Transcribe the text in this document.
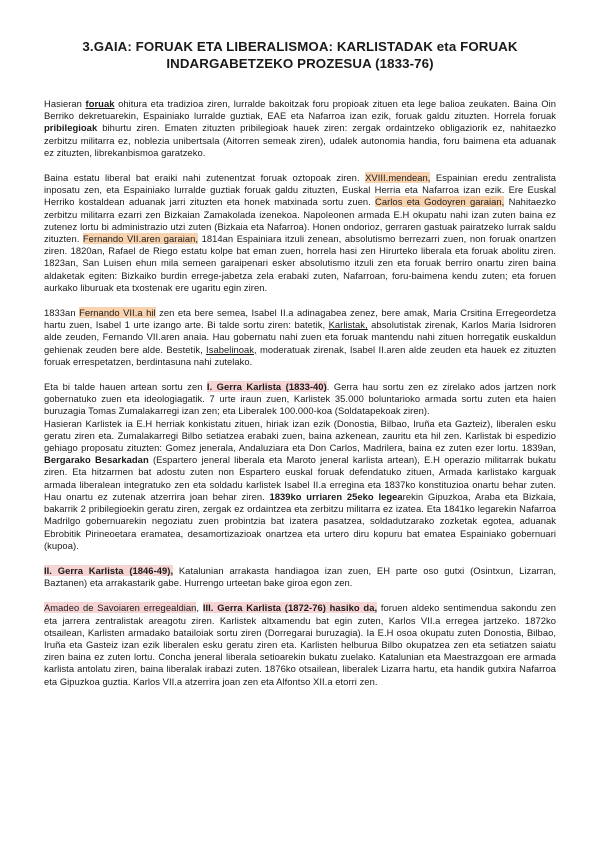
3.GAIA: FORUAK ETA LIBERALISMOA: KARLISTADAK eta FORUAK INDARGABETZEKO PROZESUA (1833-76)

Hasieran foruak ohitura eta tradizioa ziren, lurralde bakoitzak foru propioak zituen eta lege balioa zeukaten. Baina Oin Berriko dekretuarekin, Espainiako lurralde guztiak, EAE eta Nafarroa izan ezik, foruak galdu zituzten. Horrela foruak pribilegioak bihurtu ziren. Ematen zituzten pribilegioak hauek ziren: zergak ordaintzeko obligaziorik ez, nahitaezko zerbitzu militarra ez, noblezia unibertsala (Aitorren semeak ziren), udalek autonomia handia, foru baimena eta aduanak ez zituzten, librekanbismoa garatzeko.

Baina estatu liberal bat eraiki nahi zutenentzat foruak oztopoak ziren. XVIII.mendean, Espainian eredu zentralista inposatu zen, eta Espainiako lurralde guztiak foruak galdu zituzten, Euskal Herria eta Nafarroa izan ezik. Ere Euskal Herriko kostaldean aduanak jarri zituzten eta honek matxinada sortu zuen. Carlos eta Godoyren garaian, Nahitaezko zerbitzu militarra ezarri zen Bizkaian Zamakolada izenekoa. Napoleonen armada E.H okupatu nahi izan zuten baina ez zutenez lortu bi administrazio utzi zuten (Bizkaia eta Nafarroa). Honen ondorioz, gerraren gastuak pairatzeko lurrak saldu zituzten. Fernando VII.aren garaian, 1814an Espainiara itzuli zenean, absolutismo berrezarri zuen, non foruak onartzen ziren. 1820an, Rafael de Riego estatu kolpe bat eman zuen, horrela hasi zen Hirurteko liberala eta foruak abolitu ziren. 1823an, San Luisen ehun mila semeen garaipenari esker absolutismo itzuli zen eta foruak berriro onartu ziren baina aldaketak egiten: Bizkaiko burdin errege-jabetza zela erabaki zuten, Nafarroan, foru-baimena kendu zuten; eta foruen aurkako liburuak eta txostenak ere ugaritu egin ziren.

1833an Fernando VII.a hil zen eta bere semea, Isabel II.a adinagabea zenez, bere amak, Maria Crsitina Erregeordetza hartu zuen, Isabel 1 urte izango arte. Bi talde sortu ziren: batetik, Karlistak, absolutistak zirenak, Karlos Maria Isidroren alde zeuden, Fernando VII.aren anaia. Hau gobernatu nahi zuen eta foruak mantendu nahi zituen horregatik euskaldun gehienak zeuden bere alde. Bestetik, Isabelinoak, moderatuak zirenak, Isabel II.aren alde zeuden eta hauek ez zituzten foruak errespetatzen, berdintasuna nahi zutelako.

Eta bi talde hauen artean sortu zen I. Gerra Karlista (1833-40). Gerra hau sortu zen ez zirelako ados jartzen nork gobernatuko zuen eta ideologiagatik. 7 urte iraun zuen, Karlistek 35.000 boluntarioko armada sortu zuten eta haien buruzagia Tomas Zumalakarregi izan zen; eta Liberalek 100.000-koa (Soldatapekoak ziren).

Hasieran Karlistek ia E.H herriak konkistatu zituen, hiriak izan ezik (Donostia, Bilbao, Iruña eta Gazteiz), liberalen esku geratu ziren eta. Zumalakarregi Bilbo setiatzea erabaki zuen, baina azkenean, zauritu eta hil zen. Karlistak bi espedizio gehiago proposatu zituzten: Gomez jenerala, Andaluziara eta Don Carlos, Madrilera, baina ez zuten ezer lortu. 1839an, Bergarako Besarkadan (Espartero jeneral liberala eta Maroto jeneral karlista artean), E.H operazio militarrak bukatu ziren. Eta hitzarmen bat adostu zuten non Espartero euskal foruak defendatuko zituen, Armada karlistako karguak armada liberalean integratuko zen eta soldadu karlistek Isabel II.a erregina eta 1837ko konstituzioa onartu behar zuten. Hau onartu ez zutenak atzerrira joan behar ziren. 1839ko urriaren 25eko legearekin Gipuzkoa, Araba eta Bizkaia, bakarrik 2 pribilegioekin geratu ziren, zergak ez ordaintzea eta zerbitzu militarra ez izatea. Eta 1841ko legarekin Nafarroa Madrilgo gobernuarekin negoziatu zuen probintzia bat izatera pasatzea, soldadutzarako zozketak egotea, aduanak Ebrobitik Pirineoetara eramatea, desamortizazioak onartzea eta urtero diru kopuru bat ematea Espainiako gobernuari (kupoa).

II. Gerra Karlista (1846-49), Katalunian arrakasta handiagoa izan zuen, EH parte oso gutxi (Osintxun, Lizarran, Baztanen) eta arrakastarik gabe. Hurrengo urteetan bake giroa egon zen.

Amadeo de Savoiaren erregealdian, III. Gerra Karlista (1872-76) hasiko da, foruen aldeko sentimendua sakondu zen eta jarrera zentralistak areagotu ziren. Karlistek altxamendu bat egin zuten, Karlos VII.a erregea jartzeko. 1872ko otsailean, Karlisten armadako batailoiak sortu ziren (Dorregarai buruzagia). Ia E.H osoa okupatu zuten Donostia, Bilbao, Iruña eta Gasteiz izan ezik liberalen esku geratu ziren eta. Karlisten helburua Bilbo okupatzea zen eta setiatzen saiatu ziren baina ez zuten lortu. Concha jeneral liberala setioarekin bukatu zuelako. Katalunian eta Maestrazgoan ere armada karlista antolatu ziren, baina liberalak irabazi zuten. 1876ko otsailean, liberalek Lizarra hartu, eta handik gutxira Nafarroa eta Gipuzkoa guztia. Karlos VII.a atzerrira joan zen eta Alfontso XII.a etorri zen.
